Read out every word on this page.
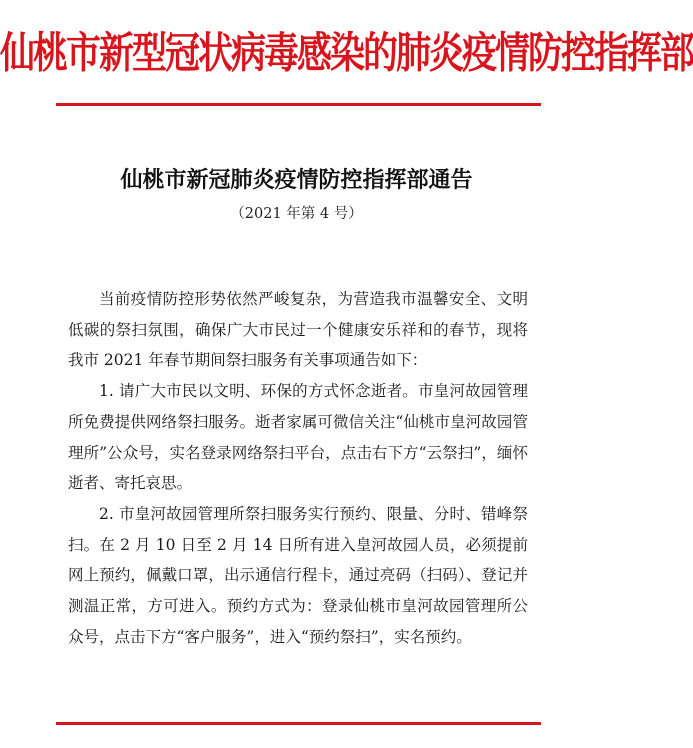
仙桃市新型冠状病毒感染的肺炎疫情防控指挥部
仙桃市新冠肺炎疫情防控指挥部通告
（2021 年第 4 号）

当前疫情防控形势依然严峻复杂，为营造我市温馨安全、文明低碳的祭扫氛围，确保广大市民过一个健康安乐祥和的春节，现将我市 2021 年春节期间祭扫服务有关事项通告如下：

1. 请广大市民以文明、环保的方式怀念逝者。市皇河故园管理所免费提供网络祭扫服务。逝者家属可微信关注“仙桃市皇河故园管理所”公众号，实名登录网络祭扫平台，点击右下方“云祭扫”，缅怀逝者、寄托哀思。

2. 市皇河故园管理所祭扫服务实行预约、限量、分时、错峰祭扫。在 2 月 10 日至 2 月 14 日所有进入皇河故园人员，必须提前网上预约，佩戴口罩，出示通信行程卡，通过亮码（扫码）、登记并测温正常，方可进入。预约方式为：登录仙桃市皇河故园管理所公众号，点击下方“客户服务”，进入“预约祭扫”，实名预约。
